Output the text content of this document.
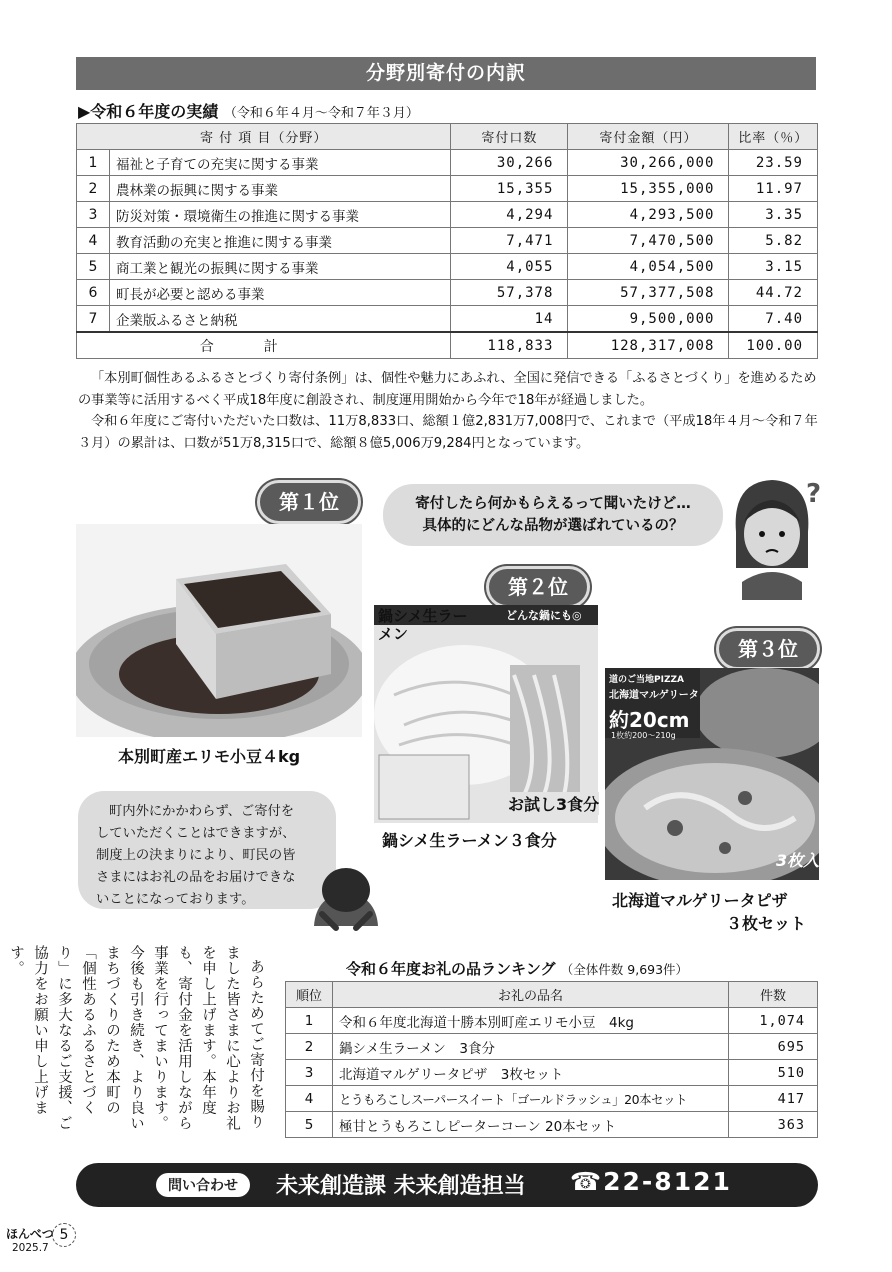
分野別寄付の内訳
▶令和６年度の実績 （令和６年４月〜令和７年３月）
寄 付 項 目（分野）		寄付口数	寄付金額（円）	比率（％）
1	福祉と子育ての充実に関する事業	30,266	30,266,000	23.59
2	農林業の振興に関する事業	15,355	15,355,000	11.97
3	防災対策・環境衛生の推進に関する事業	4,294	4,293,500	3.35
4	教育活動の充実と推進に関する事業	7,471	7,470,500	5.82
5	商工業と観光の振興に関する事業	4,055	4,054,500	3.15
6	町長が必要と認める事業	57,378	57,377,508	44.72
7	企業版ふるさと納税	14	9,500,000	7.40
合計		118,833	128,317,008	100.00

「本別町個性あるふるさとづくり寄付条例」は、個性や魅力にあふれ、全国に発信できる「ふるさとづくり」を進めるための事業等に活用するべく平成18年度に創設され、制度運用開始から今年で18年が経過しました。

令和６年度にご寄付いただいた口数は、11万8,833口、総額１億2,831万7,008円で、これまで（平成18年４月〜令和７年３月）の累計は、口数が51万8,315口で、総額８億5,006万9,284円となっています。

第１位	寄付したら何かもらえるって聞いたけど…
具体的にどんな品物が選ばれているの？
?
本別町産エリモ小豆４kg
第２位
鍋シメ生ラーメン
どんな鍋にも◎
お試し3食分
鍋シメ生ラーメン３食分
第３位
道のご当地PIZZA
北海道マルゲリータ
約20cm
1枚約200〜210g
3枚入
北海道マルゲリータピザ
３枚セット
町内外にかかわらず、ご寄付を
していただくことはできますが、
制度上の決まりにより、町民の皆
さまにはお礼の品をお届けできな
いことになっております。

あらためてご寄付を賜りました皆さまに心よりお礼を申し上げます。本年度も、寄付金を活用しながら事業を行ってまいります。今後も引き続き、より良いまちづくりのため本町の「個性あるふるさとづくり」に多大なるご支援、ご協力をお願い申し上げます。	令和６年度お礼の品ランキング （全体件数 9,693件）
順位	お礼の品名	件数
1	令和６年度北海道十勝本別町産エリモ小豆　4kg	1,074
2	鍋シメ生ラーメン　3食分	695
3	北海道マルゲリータピザ　3枚セット	510
4	とうもろこしスーパースイート「ゴールドラッシュ」20本セット	417
5	極甘とうもろこしピーターコーン 20本セット	363
問い合わせ	未来創造課 未来創造担当 ☎22-8121
ほんべつ
2025.7
5
